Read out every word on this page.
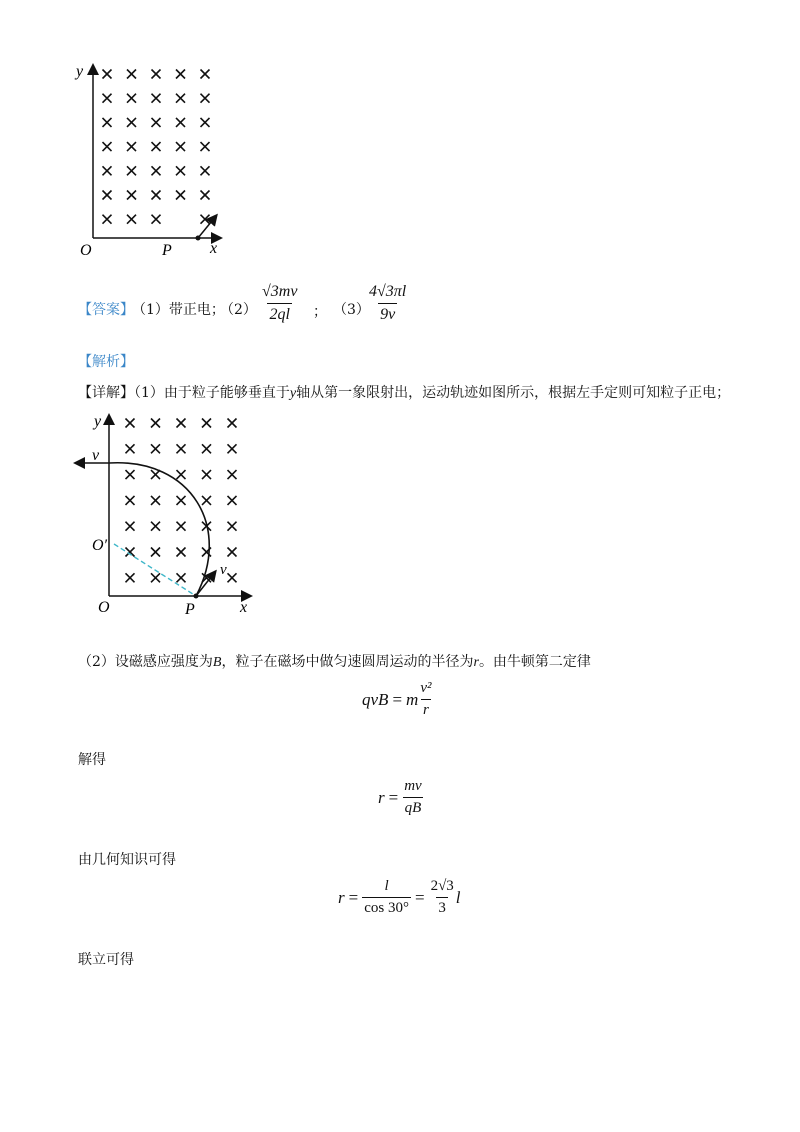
y
x
O	P
【答案】
（1）带正电；
$(2) \frac{√3mv}{2ql}$ ； （3）
$\frac{4√3\pi l}{9v}$
【解析】
【详解】（1）由于粒子能够垂直于y轴从第一象限射出，运动轨迹如图所示，根据左手定则可知粒子正电；
y
x
O	P
O′
v
v
（2）设磁感应强度为B，粒子在磁场中做匀速圆周运动的半径为r。由牛顿第二定律
qvB = m $\frac{\text{v²}}{r}$
解得
$r = \frac{mv}{qB}$
由几何知识可得
$r = \frac{l}{\cos 30^\circ} = \frac{2√3}{3}$ l
联立可得
